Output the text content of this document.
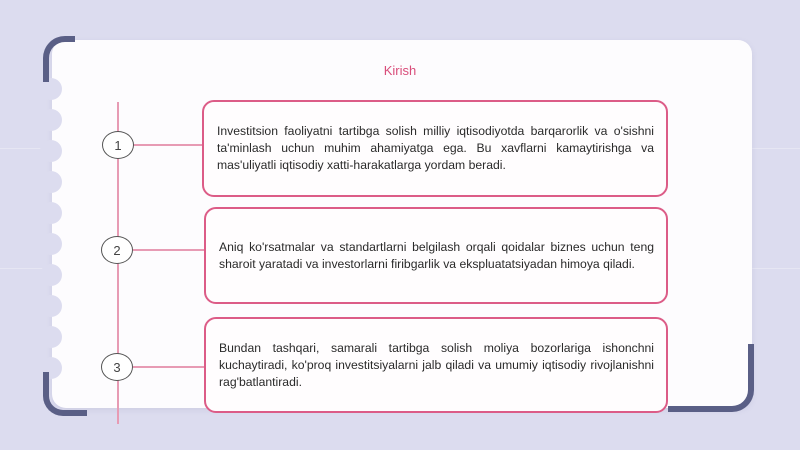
Kirish
1

Investitsion faoliyatni tartibga solish milliy iqtisodiyotda barqarorlik va o'sishni ta'minlash uchun muhim ahamiyatga ega. Bu xavflarni kamaytirishga va mas'uliyatli iqtisodiy xatti-harakatlarga yordam beradi.

2	Aniq ko'rsatmalar va standartlarni belgilash orqali qoidalar biznes uchun teng sharoit yaratadi va investorlarni firibgarlik va ekspluatatsiyadan himoya qiladi.

3

Bundan tashqari, samarali tartibga solish moliya bozorlariga ishonchni kuchaytiradi, ko'proq investitsiyalarni jalb qiladi va umumiy iqtisodiy rivojlanishni rag'batlantiradi.
